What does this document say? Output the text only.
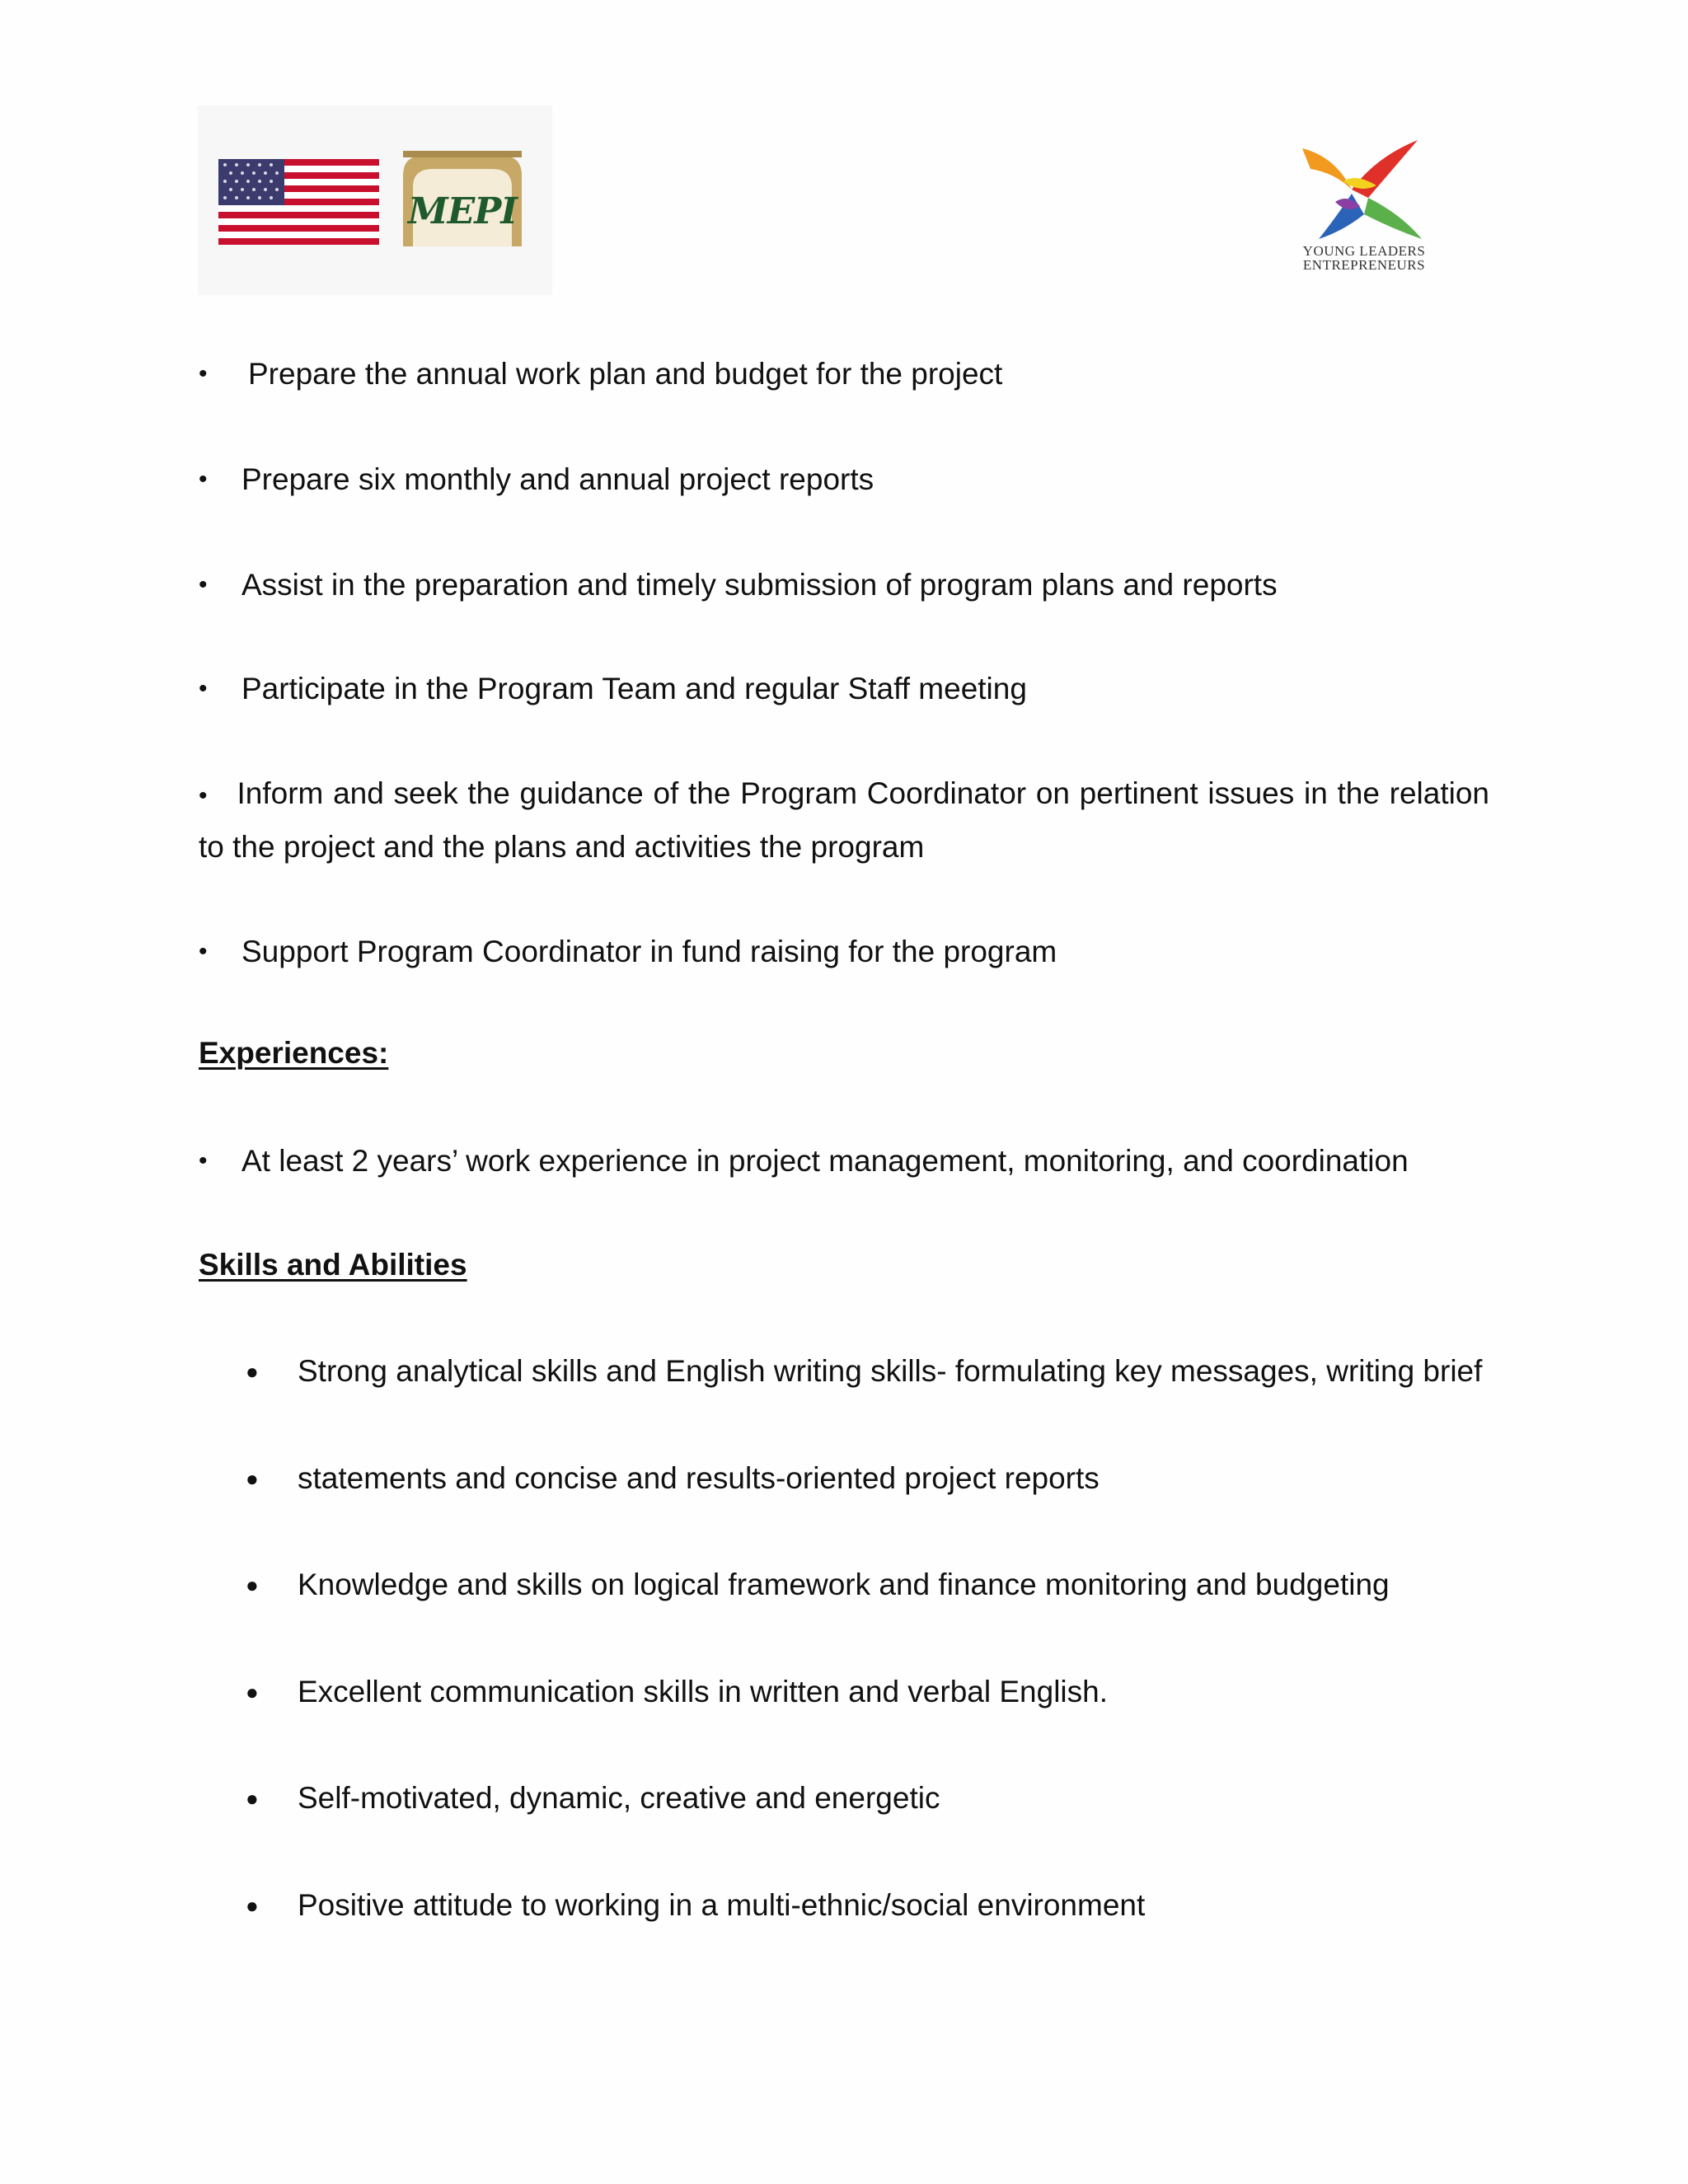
MEPI
YOUNG LEADERS
ENTREPRENEURS
• Prepare the annual work plan and budget for the project
• Prepare six monthly and annual project reports
• Assist in the preparation and timely submission of program plans and reports
• Participate in the Program Team and regular Staff meeting
• Inform and seek the guidance of the Program Coordinator on pertinent issues in the relation
to the project and the plans and activities the program
• Support Program Coordinator in fund raising for the program
Experiences:
• At least 2 years’ work experience in project management, monitoring, and coordination
Skills and Abilities
● Strong analytical skills and English writing skills- formulating key messages, writing brief
● statements and concise and results-oriented project reports
● Knowledge and skills on logical framework and finance monitoring and budgeting
● Excellent communication skills in written and verbal English.
● Self-motivated, dynamic, creative and energetic
● Positive attitude to working in a multi-ethnic/social environment
